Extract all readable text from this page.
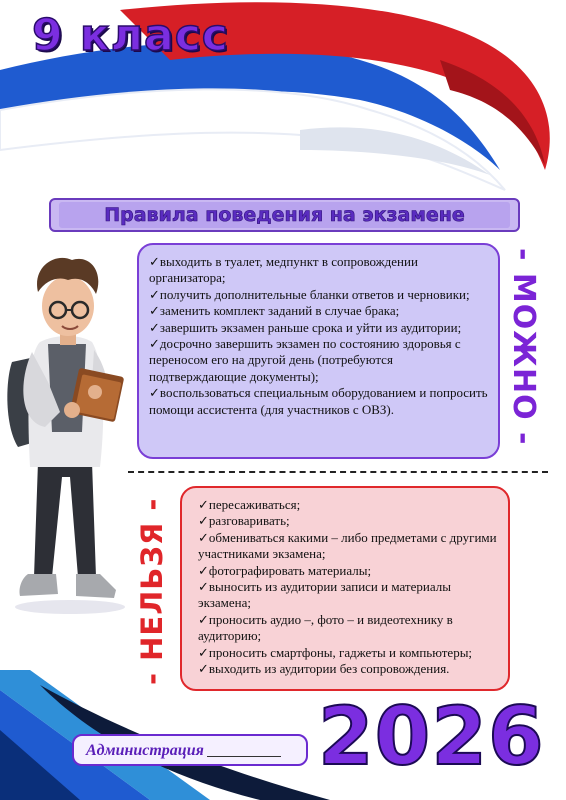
9 класс
Правила поведения на экзамене

✓выходить в туалет, медпункт в сопровождении организатора;

✓получить дополнительные бланки ответов и черновики;

✓заменить комплект заданий в случае брака;

✓завершить экзамен раньше срока и уйти из аудитории;

✓досрочно завершить экзамен по состоянию здоровья с переносом его на другой день (потребуются подтверждающие документы);

✓воспользоваться специальным оборудованием и попросить помощи ассистента (для участников с ОВЗ).	- МОЖНО -
- НЕЛЬЗЯ - ✓пересаживаться;

✓разговаривать;

✓обмениваться какими – либо предметами с другими участниками экзамена;

✓фотографировать материалы;

✓выносить из аудитории записи и материалы экзамена;

✓проносить аудио –, фото – и видеотехнику в аудиторию;

✓проносить смартфоны, гаджеты и компьютеры;

✓выходить из аудитории без сопровождения.

Администрация	2026
